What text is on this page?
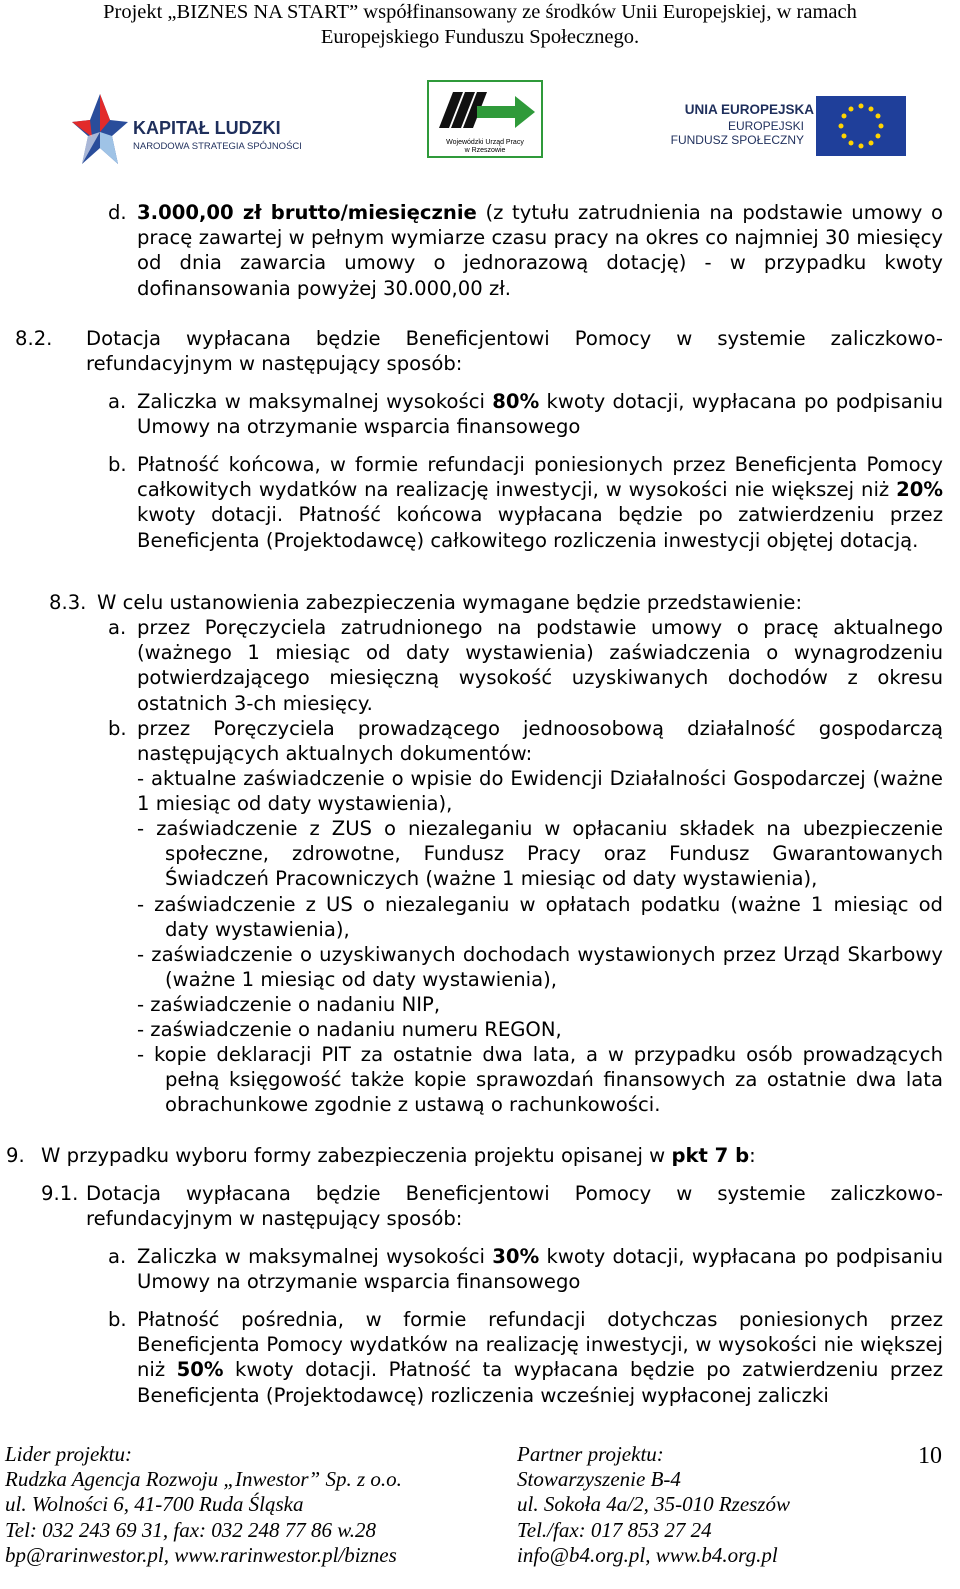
Projekt „BIZNES NA START” współfinansowany ze środków Unii Europejskiej, w ramach
Europejskiego Funduszu Społecznego.
KAPITAŁ LUDZKI
NARODOWA STRATEGIA SPÓJNOŚCI	Wojewódzki Urząd Pracy
w Rzeszowie
UNIA EUROPEJSKA
EUROPEJSKI
FUNDUSZ SPOŁECZNY
d. 3.000,00 zł brutto/miesięcznie (z tytułu zatrudnienia na podstawie umowy o pracę zawartej w pełnym wymiarze czasu pracy na okres co najmniej 30 miesięcy od dnia zawarcia umowy o jednorazową dotację) - w przypadku kwoty dofinansowania powyżej 30.000,00 zł.
8.2. Dotacja wypłacana będzie Beneficjentowi Pomocy w systemie zaliczkowo-refundacyjnym w następujący sposób:
a. Zaliczka w maksymalnej wysokości 80% kwoty dotacji, wypłacana po podpisaniu Umowy na otrzymanie wsparcia finansowego
b. Płatność końcowa, w formie refundacji poniesionych przez Beneficjenta Pomocy całkowitych wydatków na realizację inwestycji, w wysokości nie większej niż 20% kwoty dotacji. Płatność końcowa wypłacana będzie po zatwierdzeniu przez Beneficjenta (Projektodawcę) całkowitego rozliczenia inwestycji objętej dotacją.
8.3. W celu ustanowienia zabezpieczenia wymagane będzie przedstawienie:
a. przez Poręczyciela zatrudnionego na podstawie umowy o pracę aktualnego (ważnego 1 miesiąc od daty wystawienia) zaświadczenia o wynagrodzeniu potwierdzającego miesięczną wysokość uzyskiwanych dochodów z okresu ostatnich 3-ch miesięcy.
b. przez Poręczyciela prowadzącego jednoosobową działalność gospodarczą następujących aktualnych dokumentów:
- aktualne zaświadczenie o wpisie do Ewidencji Działalności Gospodarczej (ważne 1 miesiąc od daty wystawienia),
- zaświadczenie z ZUS o niezaleganiu w opłacaniu składek na ubezpieczenie społeczne, zdrowotne, Fundusz Pracy oraz Fundusz Gwarantowanych Świadczeń Pracowniczych (ważne 1 miesiąc od daty wystawienia),
- zaświadczenie z US o niezaleganiu w opłatach podatku (ważne 1 miesiąc od daty wystawienia),
- zaświadczenie o uzyskiwanych dochodach wystawionych przez Urząd Skarbowy (ważne 1 miesiąc od daty wystawienia),
- zaświadczenie o nadaniu NIP,
- zaświadczenie o nadaniu numeru REGON,
- kopie deklaracji PIT za ostatnie dwa lata, a w przypadku osób prowadzących pełną księgowość także kopie sprawozdań finansowych za ostatnie dwa lata obrachunkowe zgodnie z ustawą o rachunkowości.
9. W przypadku wyboru formy zabezpieczenia projektu opisanej w pkt 7 b:
9.1. Dotacja wypłacana będzie Beneficjentowi Pomocy w systemie zaliczkowo-refundacyjnym w następujący sposób:
a. Zaliczka w maksymalnej wysokości 30% kwoty dotacji, wypłacana po podpisaniu Umowy na otrzymanie wsparcia finansowego
b. Płatność pośrednia, w formie refundacji dotychczas poniesionych przez Beneficjenta Pomocy wydatków na realizację inwestycji, w wysokości nie większej niż 50% kwoty dotacji. Płatność ta wypłacana będzie po zatwierdzeniu przez Beneficjenta (Projektodawcę) rozliczenia wcześniej wypłaconej zaliczki
Lider projektu:
Rudzka Agencja Rozwoju „Inwestor” Sp. z o.o.
ul. Wolności 6, 41-700 Ruda Śląska
Tel: 032 243 69 31, fax: 032 248 77 86 w.28
bp@rarinwestor.pl, www.rarinwestor.pl/biznes
Partner projektu:
Stowarzyszenie B-4
ul. Sokoła 4a/2, 35-010 Rzeszów
Tel./fax: 017 853 27 24
info@b4.org.pl, www.b4.org.pl
10
